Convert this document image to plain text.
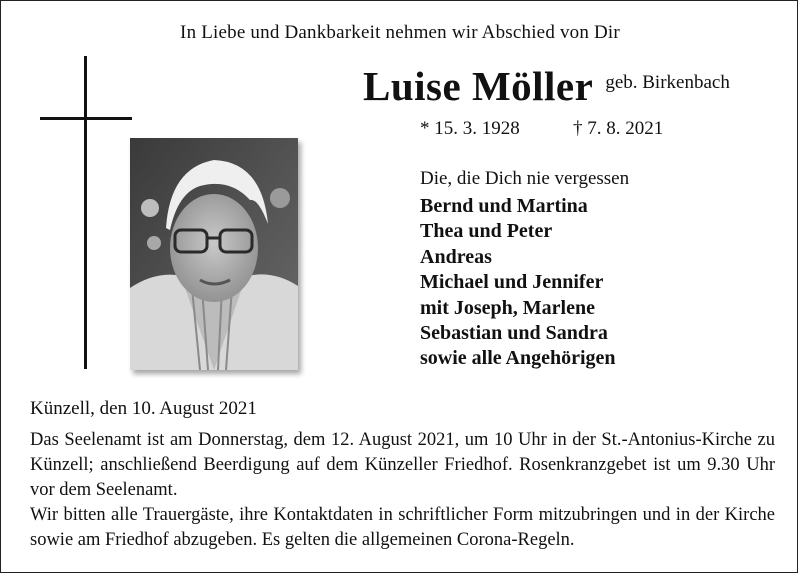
In Liebe und Dankbarkeit nehmen wir Abschied von Dir
Luise Möller geb. Birkenbach
* 15. 3. 1928	† 7. 8. 2021
Die, die Dich nie vergessen
Bernd und Martina
Thea und Peter
Andreas
Michael und Jennifer
mit Joseph, Marlene
Sebastian und Sandra
sowie alle Angehörigen
Künzell, den 10. August 2021

Das Seelenamt ist am Donnerstag, dem 12. August 2021, um 10 Uhr in der St.-Antonius-Kirche zu Künzell; anschließend Beerdigung auf dem Künzeller Friedhof. Rosenkranzgebet ist um 9.30 Uhr vor dem Seelenamt.

Wir bitten alle Trauergäste, ihre Kontaktdaten in schriftlicher Form mitzubringen und in der Kirche sowie am Friedhof abzugeben. Es gelten die allgemeinen Corona-Regeln.
